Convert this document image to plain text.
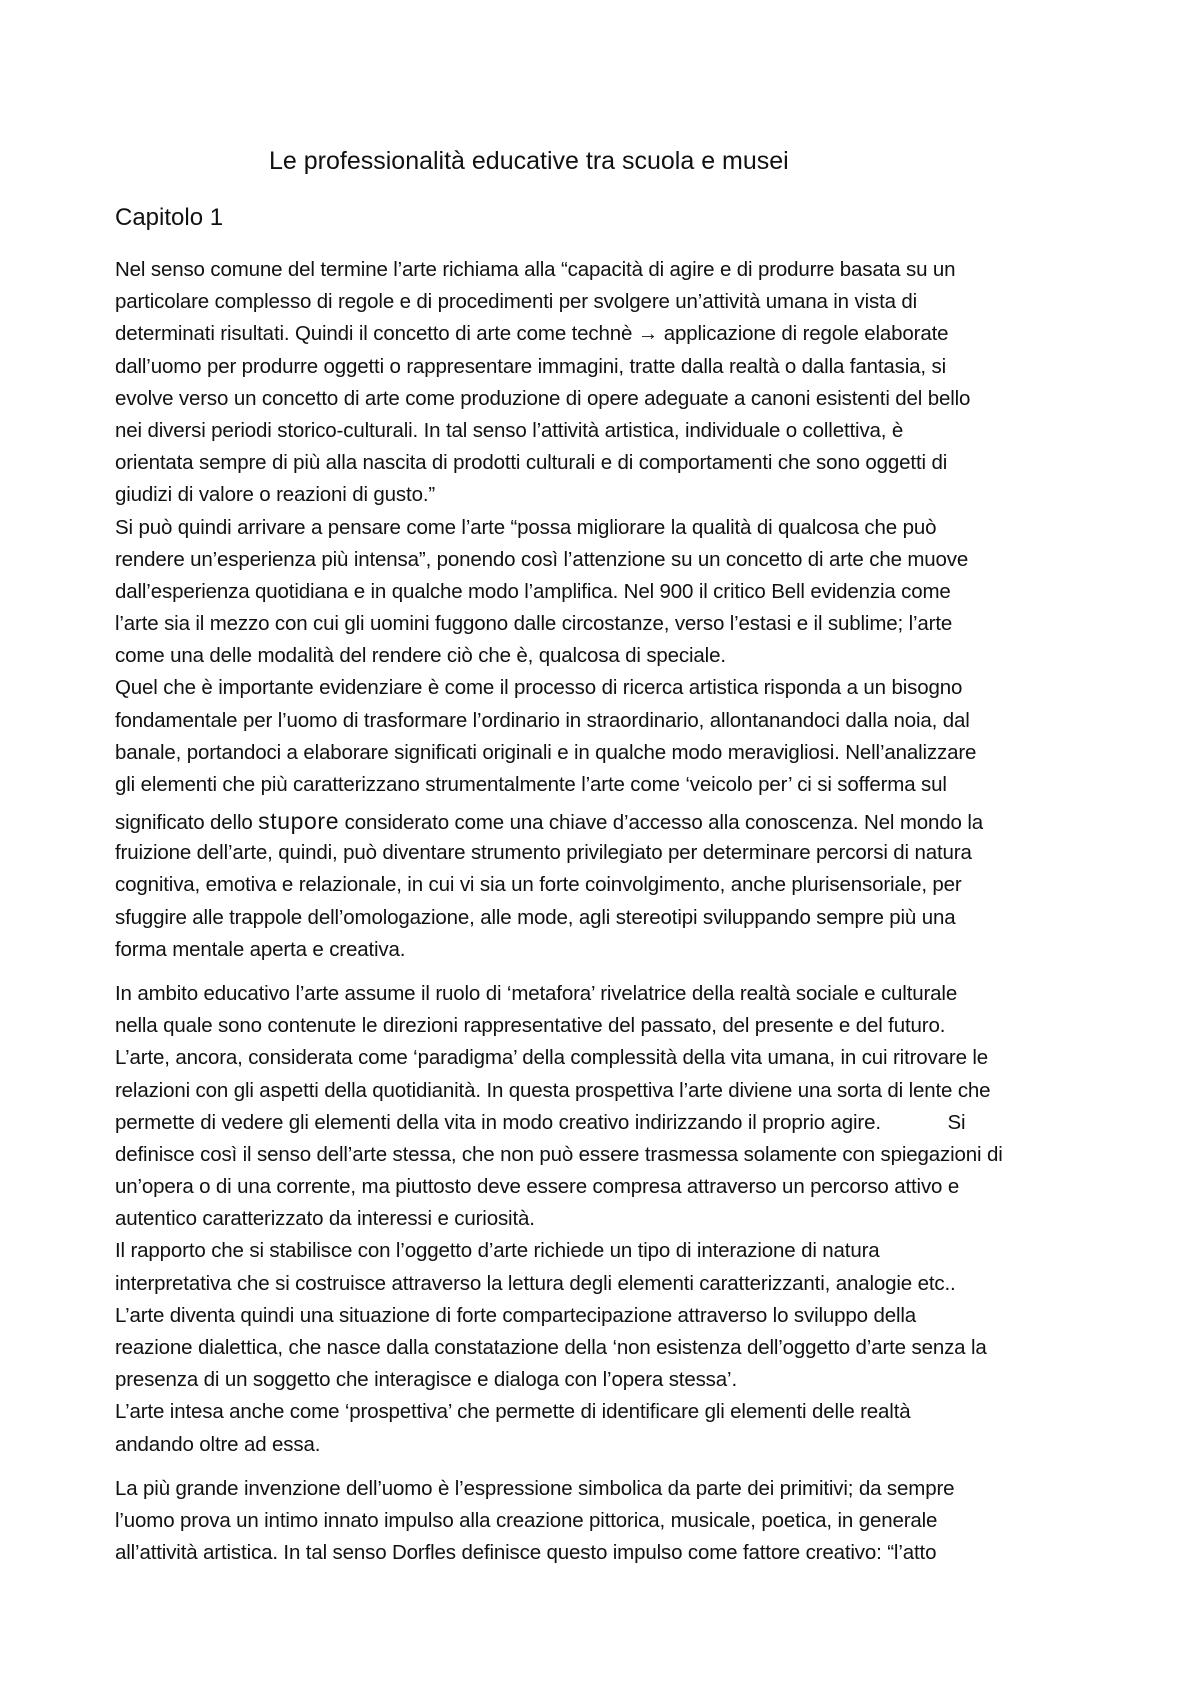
Le professionalità educative tra scuola e musei
Capitolo 1
Nel senso comune del termine l’arte richiama alla “capacità di agire e di produrre basata su un
particolare complesso di regole e di procedimenti per svolgere un’attività umana in vista di
determinati risultati. Quindi il concetto di arte come technè → applicazione di regole elaborate
dall’uomo per produrre oggetti o rappresentare immagini, tratte dalla realtà o dalla fantasia, si
evolve verso un concetto di arte come produzione di opere adeguate a canoni esistenti del bello
nei diversi periodi storico-culturali. In tal senso l’attività artistica, individuale o collettiva, è
orientata sempre di più alla nascita di prodotti culturali e di comportamenti che sono oggetti di
giudizi di valore o reazioni di gusto.”
Si può quindi arrivare a pensare come l’arte “possa migliorare la qualità di qualcosa che può
rendere un’esperienza più intensa”, ponendo così l’attenzione su un concetto di arte che muove
dall’esperienza quotidiana e in qualche modo l’amplifica. Nel 900 il critico Bell evidenzia come
l’arte sia il mezzo con cui gli uomini fuggono dalle circostanze, verso l’estasi e il sublime; l’arte
come una delle modalità del rendere ciò che è, qualcosa di speciale.
Quel che è importante evidenziare è come il processo di ricerca artistica risponda a un bisogno
fondamentale per l’uomo di trasformare l’ordinario in straordinario, allontanandoci dalla noia, dal
banale, portandoci a elaborare significati originali e in qualche modo meravigliosi. Nell’analizzare
gli elementi che più caratterizzano strumentalmente l’arte come ‘veicolo per’ ci si sofferma sul
significato dello stupore considerato come una chiave d’accesso alla conoscenza. Nel mondo la
fruizione dell’arte, quindi, può diventare strumento privilegiato per determinare percorsi di natura
cognitiva, emotiva e relazionale, in cui vi sia un forte coinvolgimento, anche plurisensoriale, per
sfuggire alle trappole dell’omologazione, alle mode, agli stereotipi sviluppando sempre più una
forma mentale aperta e creativa.
In ambito educativo l’arte assume il ruolo di ‘metafora’ rivelatrice della realtà sociale e culturale
nella quale sono contenute le direzioni rappresentative del passato, del presente e del futuro.
L’arte, ancora, considerata come ‘paradigma’ della complessità della vita umana, in cui ritrovare le
relazioni con gli aspetti della quotidianità. In questa prospettiva l’arte diviene una sorta di lente che
permette di vedere gli elementi della vita in modo creativo indirizzando il proprio agire.            Si
definisce così il senso dell’arte stessa, che non può essere trasmessa solamente con spiegazioni di
un’opera o di una corrente, ma piuttosto deve essere compresa attraverso un percorso attivo e
autentico caratterizzato da interessi e curiosità.
Il rapporto che si stabilisce con l’oggetto d’arte richiede un tipo di interazione di natura
interpretativa che si costruisce attraverso la lettura degli elementi caratterizzanti, analogie etc..
L’arte diventa quindi una situazione di forte compartecipazione attraverso lo sviluppo della
reazione dialettica, che nasce dalla constatazione della ‘non esistenza dell’oggetto d’arte senza la
presenza di un soggetto che interagisce e dialoga con l’opera stessa’.
L’arte intesa anche come ‘prospettiva’ che permette di identificare gli elementi delle realtà
andando oltre ad essa.
La più grande invenzione dell’uomo è l’espressione simbolica da parte dei primitivi; da sempre
l’uomo prova un intimo innato impulso alla creazione pittorica, musicale, poetica, in generale
all’attività artistica. In tal senso Dorfles definisce questo impulso come fattore creativo: “l’atto
